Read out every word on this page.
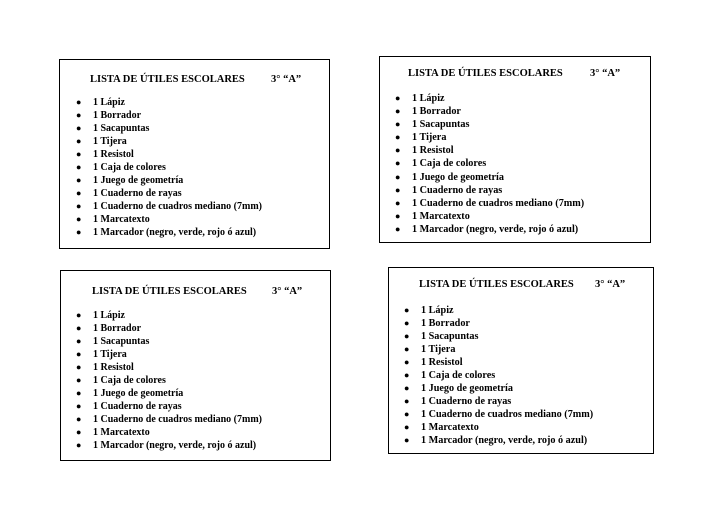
LISTA DE ÚTILES ESCOLARES	3° “A”
● 1 Lápiz
● 1 Borrador
● 1 Sacapuntas
● 1 Tijera
● 1 Resistol
● 1 Caja de colores
● 1 Juego de geometría
● 1 Cuaderno de rayas
● 1 Cuaderno de cuadros mediano (7mm)
● 1 Marcatexto
● 1 Marcador (negro, verde, rojo ó azul)
LISTA DE ÚTILES ESCOLARES	3° “A”
● 1 Lápiz
● 1 Borrador
● 1 Sacapuntas
● 1 Tijera
● 1 Resistol
● 1 Caja de colores
● 1 Juego de geometría
● 1 Cuaderno de rayas
● 1 Cuaderno de cuadros mediano (7mm)
● 1 Marcatexto
● 1 Marcador (negro, verde, rojo ó azul)
LISTA DE ÚTILES ESCOLARES 3° “A”
● 1 Lápiz
● 1 Borrador
● 1 Sacapuntas
● 1 Tijera
● 1 Resistol
● 1 Caja de colores
● 1 Juego de geometría
● 1 Cuaderno de rayas
● 1 Cuaderno de cuadros mediano (7mm)
● 1 Marcatexto
● 1 Marcador (negro, verde, rojo ó azul)
LISTA DE ÚTILES ESCOLARES 3° “A”
● 1 Lápiz
● 1 Borrador
● 1 Sacapuntas
● 1 Tijera
● 1 Resistol
● 1 Caja de colores
● 1 Juego de geometría
● 1 Cuaderno de rayas
● 1 Cuaderno de cuadros mediano (7mm)
● 1 Marcatexto
● 1 Marcador (negro, verde, rojo ó azul)
